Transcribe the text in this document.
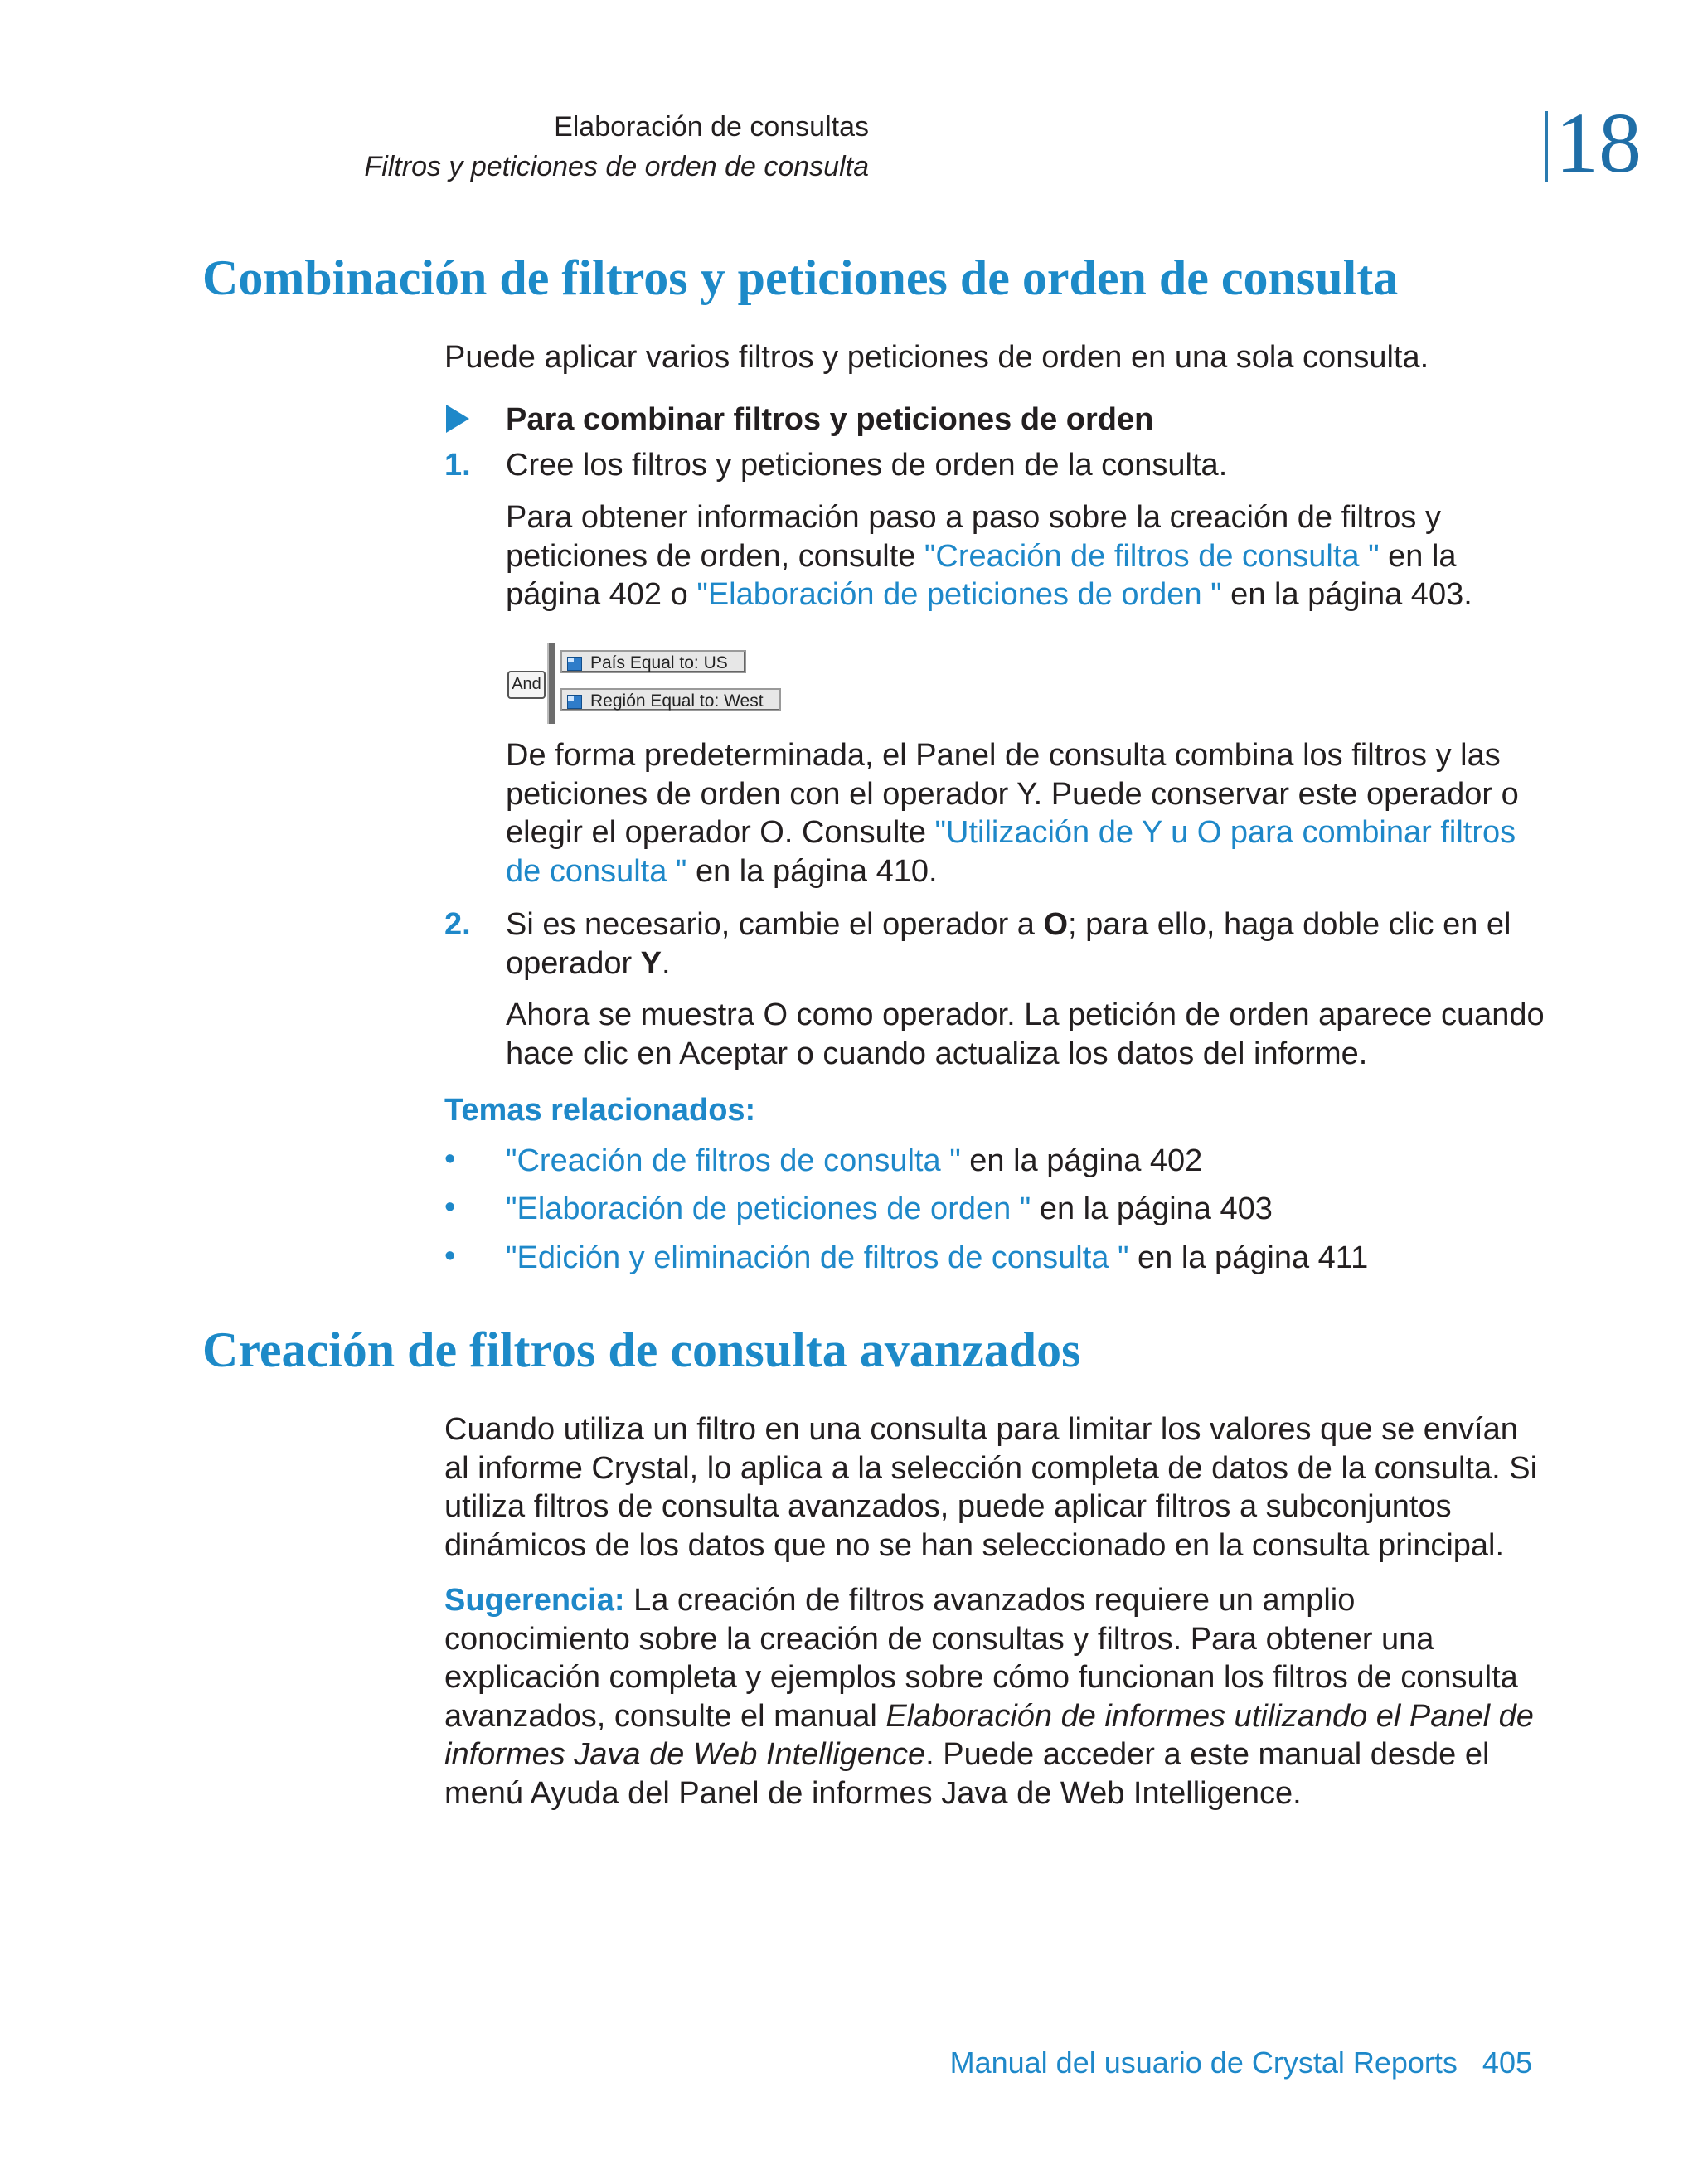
Elaboración de consultas
Filtros y peticiones de orden de consulta	18
Combinación de filtros y peticiones de orden de consulta
Puede aplicar varios filtros y peticiones de orden en una sola consulta.
Para combinar filtros y peticiones de orden
1. Cree los filtros y peticiones de orden de la consulta.
Para obtener información paso a paso sobre la creación de filtros y peticiones de orden, consulte "Creación de filtros de consulta " en la página 402 o "Elaboración de peticiones de orden " en la página 403.
And
País Equal to: US
Región Equal to: West
De forma predeterminada, el Panel de consulta combina los filtros y las peticiones de orden con el operador Y. Puede conservar este operador o elegir el operador O. Consulte "Utilización de Y u O para combinar filtros de consulta " en la página 410.
2. Si es necesario, cambie el operador a O; para ello, haga doble clic en el operador Y.
Ahora se muestra O como operador. La petición de orden aparece cuando hace clic en Aceptar o cuando actualiza los datos del informe.
Temas relacionados:
• "Creación de filtros de consulta " en la página 402
• "Elaboración de peticiones de orden " en la página 403
• "Edición y eliminación de filtros de consulta " en la página 411
Creación de filtros de consulta avanzados
Cuando utiliza un filtro en una consulta para limitar los valores que se envían al informe Crystal, lo aplica a la selección completa de datos de la consulta. Si utiliza filtros de consulta avanzados, puede aplicar filtros a subconjuntos dinámicos de los datos que no se han seleccionado en la consulta principal.
Sugerencia: La creación de filtros avanzados requiere un amplio conocimiento sobre la creación de consultas y filtros. Para obtener una explicación completa y ejemplos sobre cómo funcionan los filtros de consulta avanzados, consulte el manual Elaboración de informes utilizando el Panel de informes Java de Web Intelligence. Puede acceder a este manual desde el menú Ayuda del Panel de informes Java de Web Intelligence.
Manual del usuario de Crystal Reports 405
